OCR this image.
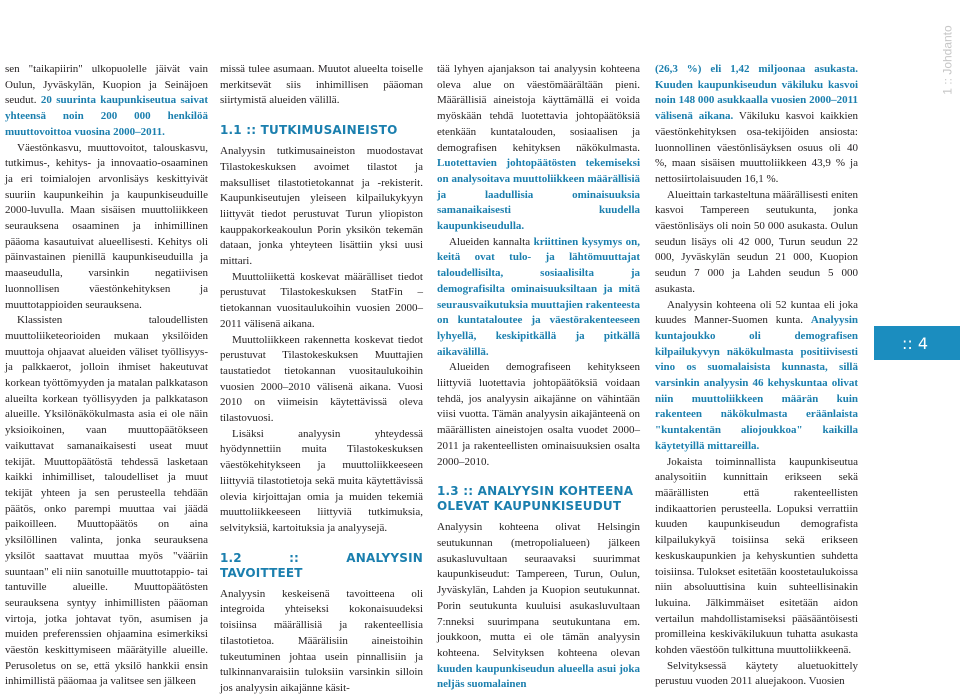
1 :: Johdanto

sen "taikapiirin" ulkopuolelle jäivät vain Oulun, Jyväskylän, Kuopion ja Seinäjoen seudut. 20 suurinta kaupunkiseutua saivat yhteensä noin 200 000 henkilöä muuttovoittoa vuosina 2000–2011.

Väestönkasvu, muuttovoitot, talouskasvu, tutkimus-, kehitys- ja innovaatio-osaaminen ja eri toimialojen arvonlisäys keskittyivät suuriin kaupunkeihin ja kaupunkiseuduille 2000-luvulla. Maan sisäisen muuttoliikkeen seurauksena osaaminen ja inhimillinen pääoma kasautuivat alueellisesti. Kehitys oli päinvastainen pienillä kaupunkiseuduilla ja maaseudulla, varsinkin negatiivisen luonnollisen väestönkehityksen ja muuttotappioiden seurauksena.

Klassisten taloudellisten muuttoliiketeorioiden mukaan yksilöiden muuttoja ohjaavat alueiden väliset työllisyys- ja palkkaerot, jolloin ihmiset hakeutuvat korkean työttömyyden ja matalan palkkatason alueilta korkean työllisyyden ja palkkatason alueille. Yksilönäkökulmasta asia ei ole näin yksioikoinen, vaan muuttopäätökseen vaikuttavat samanaikaisesti useat muut tekijät. Muuttopäätöstä tehdessä lasketaan kaikki inhimilliset, taloudelliset ja muut tekijät yhteen ja sen perusteella tehdään päätös, onko parempi muuttaa vai jäädä paikoilleen. Muuttopäätös on aina yksilöllinen valinta, jonka seurauksena yksilöt saattavat muuttaa myös "vääriin suuntaan" eli niin sanotuille muuttotappio- tai tantuville alueille. Muuttopäätösten seurauksena syntyy inhimillisten pääoman virtoja, jotka johtavat työn, asumisen ja muiden preferenssien ohjaamina esimerkiksi väestön keskittymiseen määrätyille alueille. Perusoletus on se, että yksilö hankkii ensin inhimillistä pääomaa ja valitsee sen jälkeen

missä tulee asumaan. Muutot alueelta toiselle merkitsevät siis inhimillisen pääoman siirtymistä alueiden välillä.

1.1 :: TUTKIMUSAINEISTO

Analyysin tutkimusaineiston muodostavat Tilastokeskuksen avoimet tilastot ja maksulliset tilastotietokannat ja -rekisterit. Kaupunkiseutujen yleiseen kilpailukykyyn liittyvät tiedot perustuvat Turun yliopiston kauppakorkeakoulun Porin yksikön tekemän dataan, jonka yhteyteen lisättiin yksi uusi mittari.

Muuttoliikettä koskevat määrälliset tiedot perustuvat Tilastokeskuksen StatFin –tietokannan vuositaulukoihin vuosien 2000–2011 välisenä aikana.

Muuttoliikkeen rakennetta koskevat tiedot perustuvat Tilastokeskuksen Muuttajien taustatiedot tietokannan vuositaulukoihin vuosien 2000–2010 välisenä aikana. Vuosi 2010 on viimeisin käytettävissä oleva tilastovuosi.

Lisäksi analyysin yhteydessä hyödynnettiin muita Tilastokeskuksen väestökehitykseen ja muuttoliikkeeseen liittyviä tilastotietoja sekä muita käytettävissä olevia kirjoittajan omia ja muiden tekemiä muuttoliikkeeseen liittyviä tutkimuksia, selvityksiä, kartoituksia ja analyysejä.

1.2 :: ANALYYSIN TAVOITTEET

Analyysin keskeisenä tavoitteena oli integroida yhteiseksi kokonaisuudeksi toisiinsa määrällisiä ja rakenteellisia tilastotietoa. Määrälisiin aineistoihin tukeutuminen johtaa usein pinnallisiin ja tulkinnanvaraisiin tuloksiin varsinkin silloin jos analyysin aikajänne käsit-

tää lyhyen ajanjakson tai analyysin kohteena oleva alue on väestömäärältään pieni. Määrällisiä aineistoja käyttämällä ei voida myöskään tehdä luotettavia johtopäätöksiä etenkään kuntatalouden, sosiaalisen ja demografisen kehityksen näkökulmasta. Luotettavien johtopäätösten tekemiseksi on analysoitava muuttoliikkeen määrällisiä ja laadullisia ominaisuuksia samanaikaisesti kuudella kaupunkiseudulla.

Alueiden kannalta kriittinen kysymys on, keitä ovat tulo- ja lähtömuuttajat taloudellisilta, sosiaalisilta ja demografisilta ominaisuuksiltaan ja mitä seurausvaikutuksia muuttajien rakenteesta on kuntataloutee ja väestörakenteeseen lyhyellä, keskipitkällä ja pitkällä aikavälillä.

Alueiden demografiseen kehitykseen liittyviä luotettavia johtopäätöksiä voidaan tehdä, jos analyysin aikajänne on vähintään viisi vuotta. Tämän analyysin aikajänteenä on määrällisten aineistojen osalta vuodet 2000–2011 ja rakenteellisten ominaisuuksien osalta 2000–2010.

1.3 :: ANALYYSIN KOHTEENA
OLEVAT KAUPUNKISEUDUT

Analyysin kohteena olivat Helsingin seutukunnan (metropolialueen) jälkeen asukasluvultaan seuraavaksi suurimmat kaupunkiseudut: Tampereen, Turun, Oulun, Jyväskylän, Lahden ja Kuopion seutukunnat. Porin seutukunta kuuluisi asukasluvultaan 7:nneksi suurimpana seutukuntana em. joukkoon, mutta ei ole tämän analyysin kohteena. Selvityksen kohteena olevan kuuden kaupunkiseudun alueella asui joka neljäs suomalainen

(26,3 %) eli 1,42 miljoonaa asukasta. Kuuden kaupunkiseudun väkiluku kasvoi noin 148 000 asukkaalla vuosien 2000–2011 välisenä aikana. Väkiluku kasvoi kaikkien väestönkehityksen osa-tekijöiden ansiosta: luonnollinen väestönlisäyksen osuus oli 40 %, maan sisäisen muuttoliikkeen 43,9 % ja nettosiirtolaisuuden 16,1 %.

Alueittain tarkasteltuna määrällisesti eniten kasvoi Tampereen seutukunta, jonka väestönlisäys oli noin 50 000 asukasta. Oulun seudun lisäys oli 42 000, Turun seudun 22 000, Jyväskylän seudun 21 000, Kuopion seudun 7 000 ja Lahden seudun 5 000 asukasta.

Analyysin kohteena oli 52 kuntaa eli joka kuudes Manner-Suomen kunta. Analyysin kuntajoukko oli demografisen kilpailukyvyn näkökulmasta positiivisesti vino os suomalaisista kunnasta, sillä varsinkin analyysin 46 kehyskuntaa olivat niin muuttoliikkeen määrän kuin rakenteen näkökulmasta eräänlaista "kuntakentän aliojoukkoa" kaikilla käytetyillä mittareilla.

Jokaista toiminnallista kaupunkiseutua analysoitiin kunnittain erikseen sekä määrällisten että rakenteellisten indikaattorien perusteella. Lopuksi verrattiin kuuden kaupunkiseudun demografista kilpailukykyä toisiinsa sekä erikseen keskuskaupunkien ja kehyskuntien suhdetta toisiinsa. Tulokset esitetään koostetaulukoissa niin absoluuttisina kuin suhteellisinakin lukuina. Jälkimmäiset esitetään aidon vertailun mahdollistamiseksi pääsääntöisesti promilleina keskiväkilukuun tuhatta asukasta kohden väestöön tulkittuna muuttoliikkeenä.

Selvityksessä käytety aluetuokittelу perustuu vuoden 2011 aluejakoon. Vuosien

:: 4
